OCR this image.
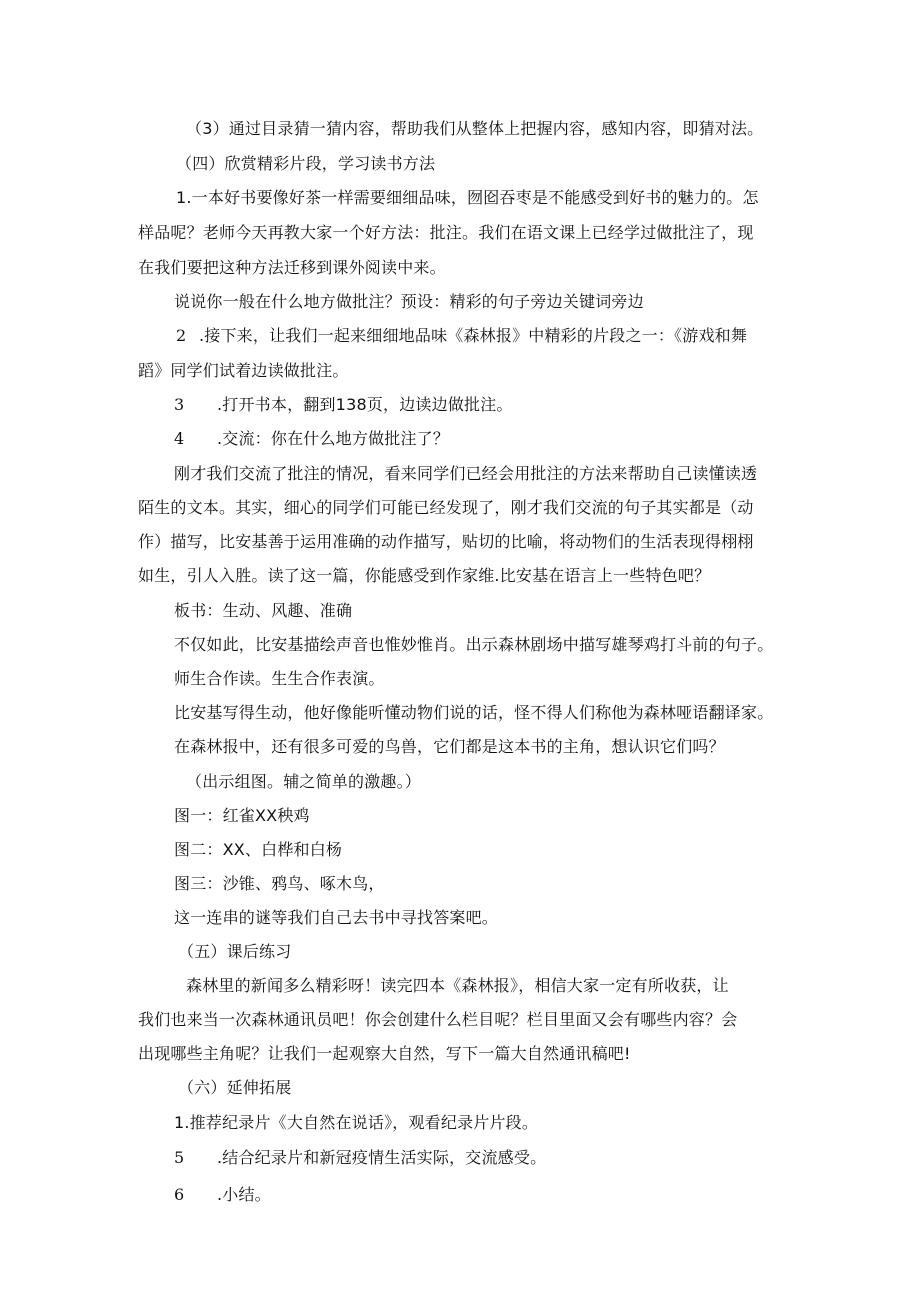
（3）通过目录猜一猜内容，帮助我们从整体上把握内容，感知内容，即猜对法。
（四）欣赏精彩片段，学习读书方法
1.一本好书要像好茶一样需要细细品味，囫囵吞枣是不能感受到好书的魅力的。怎
样品呢？老师今天再教大家一个好方法：批注。我们在语文课上已经学过做批注了，现
在我们要把这种方法迁移到课外阅读中来。
说说你一般在什么地方做批注？预设：精彩的句子旁边关键词旁边
2 .接下来，让我们一起来细细地品味《森林报》中精彩的片段之一：《游戏和舞
蹈》同学们试着边读做批注。
3 .打开书本，翻到138页，边读边做批注。
4 .交流：你在什么地方做批注了？
刚才我们交流了批注的情况，看来同学们已经会用批注的方法来帮助自己读懂读透
陌生的文本。其实，细心的同学们可能已经发现了，刚才我们交流的句子其实都是（动
作）描写，比安基善于运用准确的动作描写，贴切的比喻，将动物们的生活表现得栩栩
如生，引人入胜。读了这一篇，你能感受到作家维.比安基在语言上一些特色吧？
板书：生动、风趣、准确
不仅如此，比安基描绘声音也惟妙惟肖。出示森林剧场中描写雄琴鸡打斗前的句子。
师生合作读。生生合作表演。
比安基写得生动，他好像能听懂动物们说的话，怪不得人们称他为森林哑语翻译家。
在森林报中，还有很多可爱的鸟兽，它们都是这本书的主角，想认识它们吗？
（出示组图。辅之简单的激趣。）
图一：红雀XX秧鸡
图二：XX、白桦和白杨
图三：沙锥、鸦鸟、啄木鸟，
这一连串的谜等我们自己去书中寻找答案吧。
（五）课后练习
森林里的新闻多么精彩呀！读完四本《森林报》，相信大家一定有所收获，让
我们也来当一次森林通讯员吧！你会创建什么栏目呢？栏目里面又会有哪些内容？会
出现哪些主角呢？让我们一起观察大自然，写下一篇大自然通讯稿吧!
（六）延伸拓展
1.推荐纪录片《大自然在说话》，观看纪录片片段。
5 .结合纪录片和新冠疫情生活实际，交流感受。
6 .小结。
